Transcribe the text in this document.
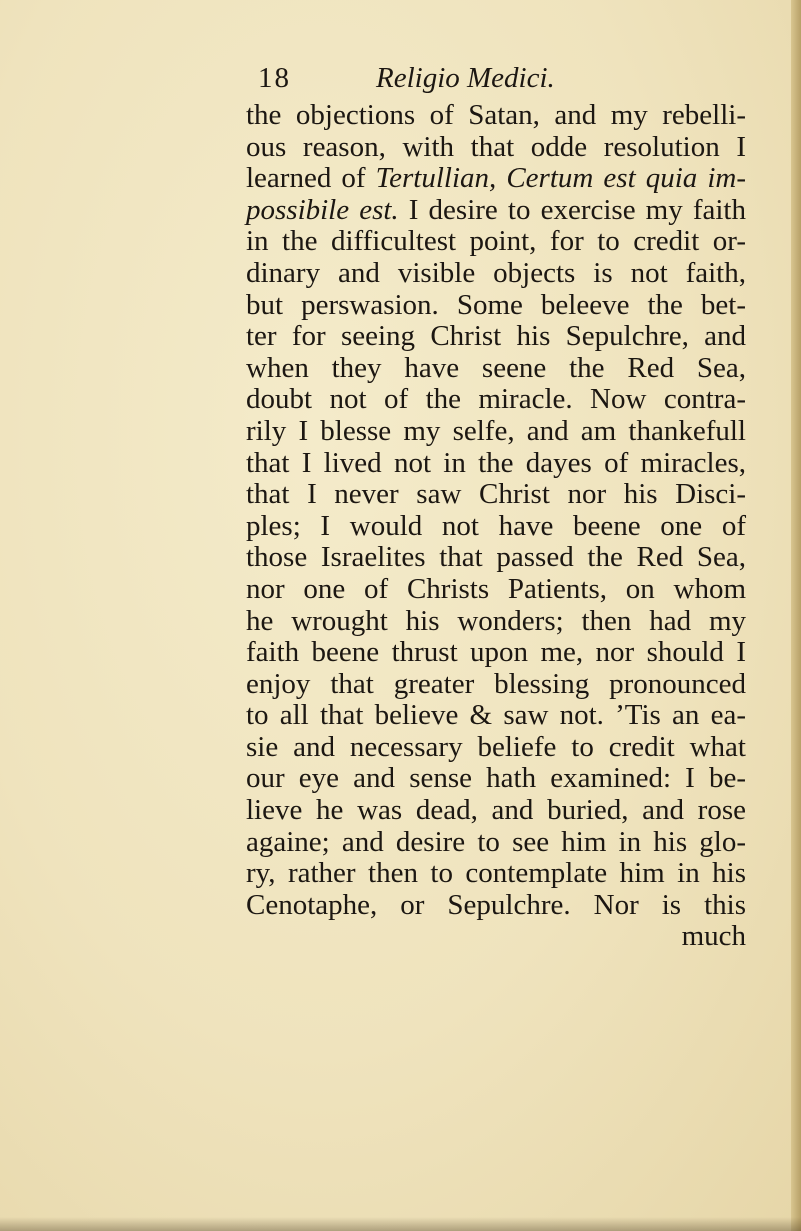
18	Religio Medici.
the objections of Satan, and my rebelli-
ous reason, with that odde resolution I
learned of Tertullian, Certum est quia im-
possibile est. I desire to exercise my faith
in the difficultest point, for to credit or-
dinary and visible objects is not faith,
but perswasion. Some beleeve the bet-
ter for seeing Christ his Sepulchre, and
when they have seene the Red Sea,
doubt not of the miracle. Now contra-
rily I blesse my selfe, and am thankefull
that I lived not in the dayes of miracles,
that I never saw Christ nor his Disci-
ples; I would not have beene one of
those Israelites that passed the Red Sea,
nor one of Christs Patients, on whom
he wrought his wonders; then had my
faith beene thrust upon me, nor should I
enjoy that greater blessing pronounced
to all that believe & saw not. ’Tis an ea-
sie and necessary beliefe to credit what
our eye and sense hath examined: I be-
lieve he was dead, and buried, and rose
againe; and desire to see him in his glo-
ry, rather then to contemplate him in his
Cenotaphe, or Sepulchre. Nor is this
much
